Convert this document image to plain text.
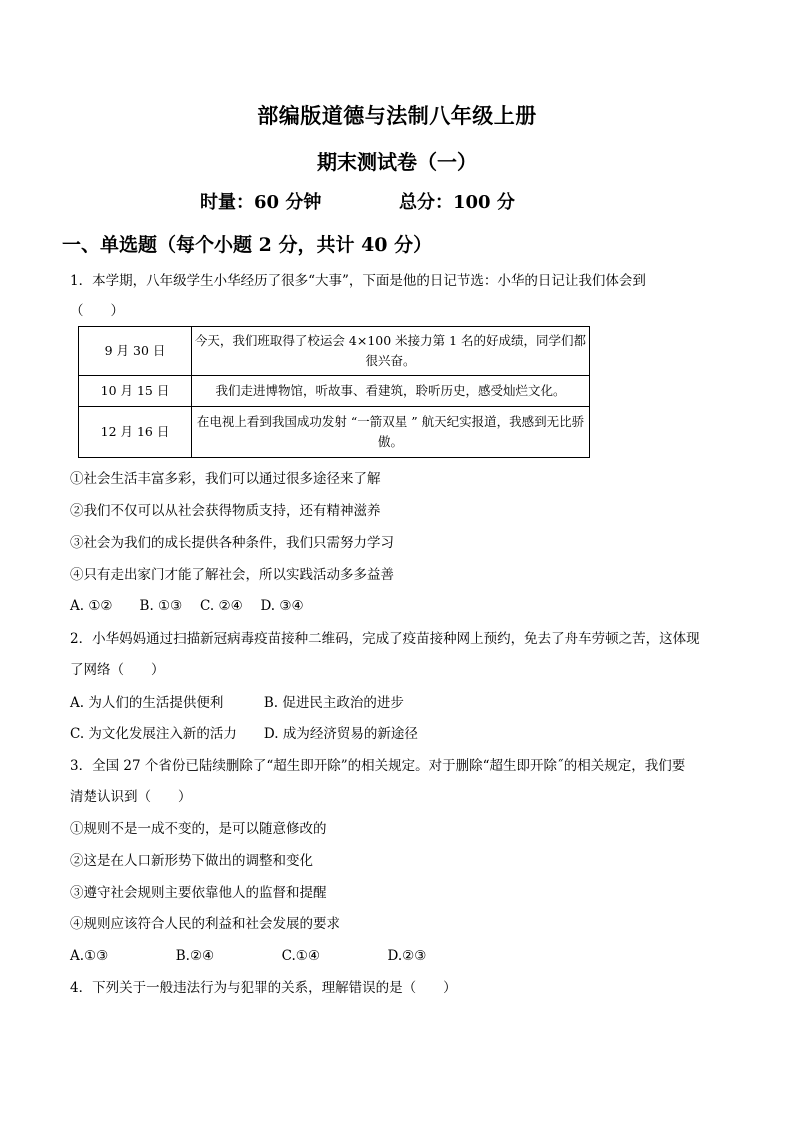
部编版道德与法制八年级上册
期末测试卷（一）
时量：60 分钟	总分：100 分
一、单选题（每个小题 2 分，共计 40 分）
1．本学期，八年级学生小华经历了很多“大事”，下面是他的日记节选：小华的日记让我们体会到
（　　）
9 月 30 日	今天，我们班取得了校运会 4×100 米接力第 1 名的好成绩，同学们都很兴奋。
10 月 15 日	我们走进博物馆，听故事、看建筑，聆听历史，感受灿烂文化。
12 月 16 日	在电视上看到我国成功发射 “一箭双星 ” 航天纪实报道，我感到无比骄傲。
①社会生活丰富多彩，我们可以通过很多途径来了解
②我们不仅可以从社会获得物质支持，还有精神滋养
③社会为我们的成长提供各种条件，我们只需努力学习
④只有走出家门才能了解社会，所以实践活动多多益善
A. ①②　　B. ①③　 C. ②④　 D. ③④
2．小华妈妈通过扫描新冠病毒疫苗接种二维码，完成了疫苗接种网上预约，免去了舟车劳顿之苦，这体现
了网络（　　）
A. 为人们的生活提供便利　　　B. 促进民主政治的进步
C. 为文化发展注入新的活力　　D. 成为经济贸易的新途径
3．全国 27 个省份已陆续删除了“超生即开除”的相关规定。对于删除“超生即开除˝的相关规定，我们要
清楚认识到（　　）
①规则不是一成不变的，是可以随意修改的
②这是在人口新形势下做出的调整和变化
③遵守社会规则主要依靠他人的监督和提醒
④规则应该符合人民的利益和社会发展的要求
A.①③　　　　　B.②④　　　　　C.①④　　　　　D.②③
4．下列关于一般违法行为与犯罪的关系，理解错误的是（　　）
